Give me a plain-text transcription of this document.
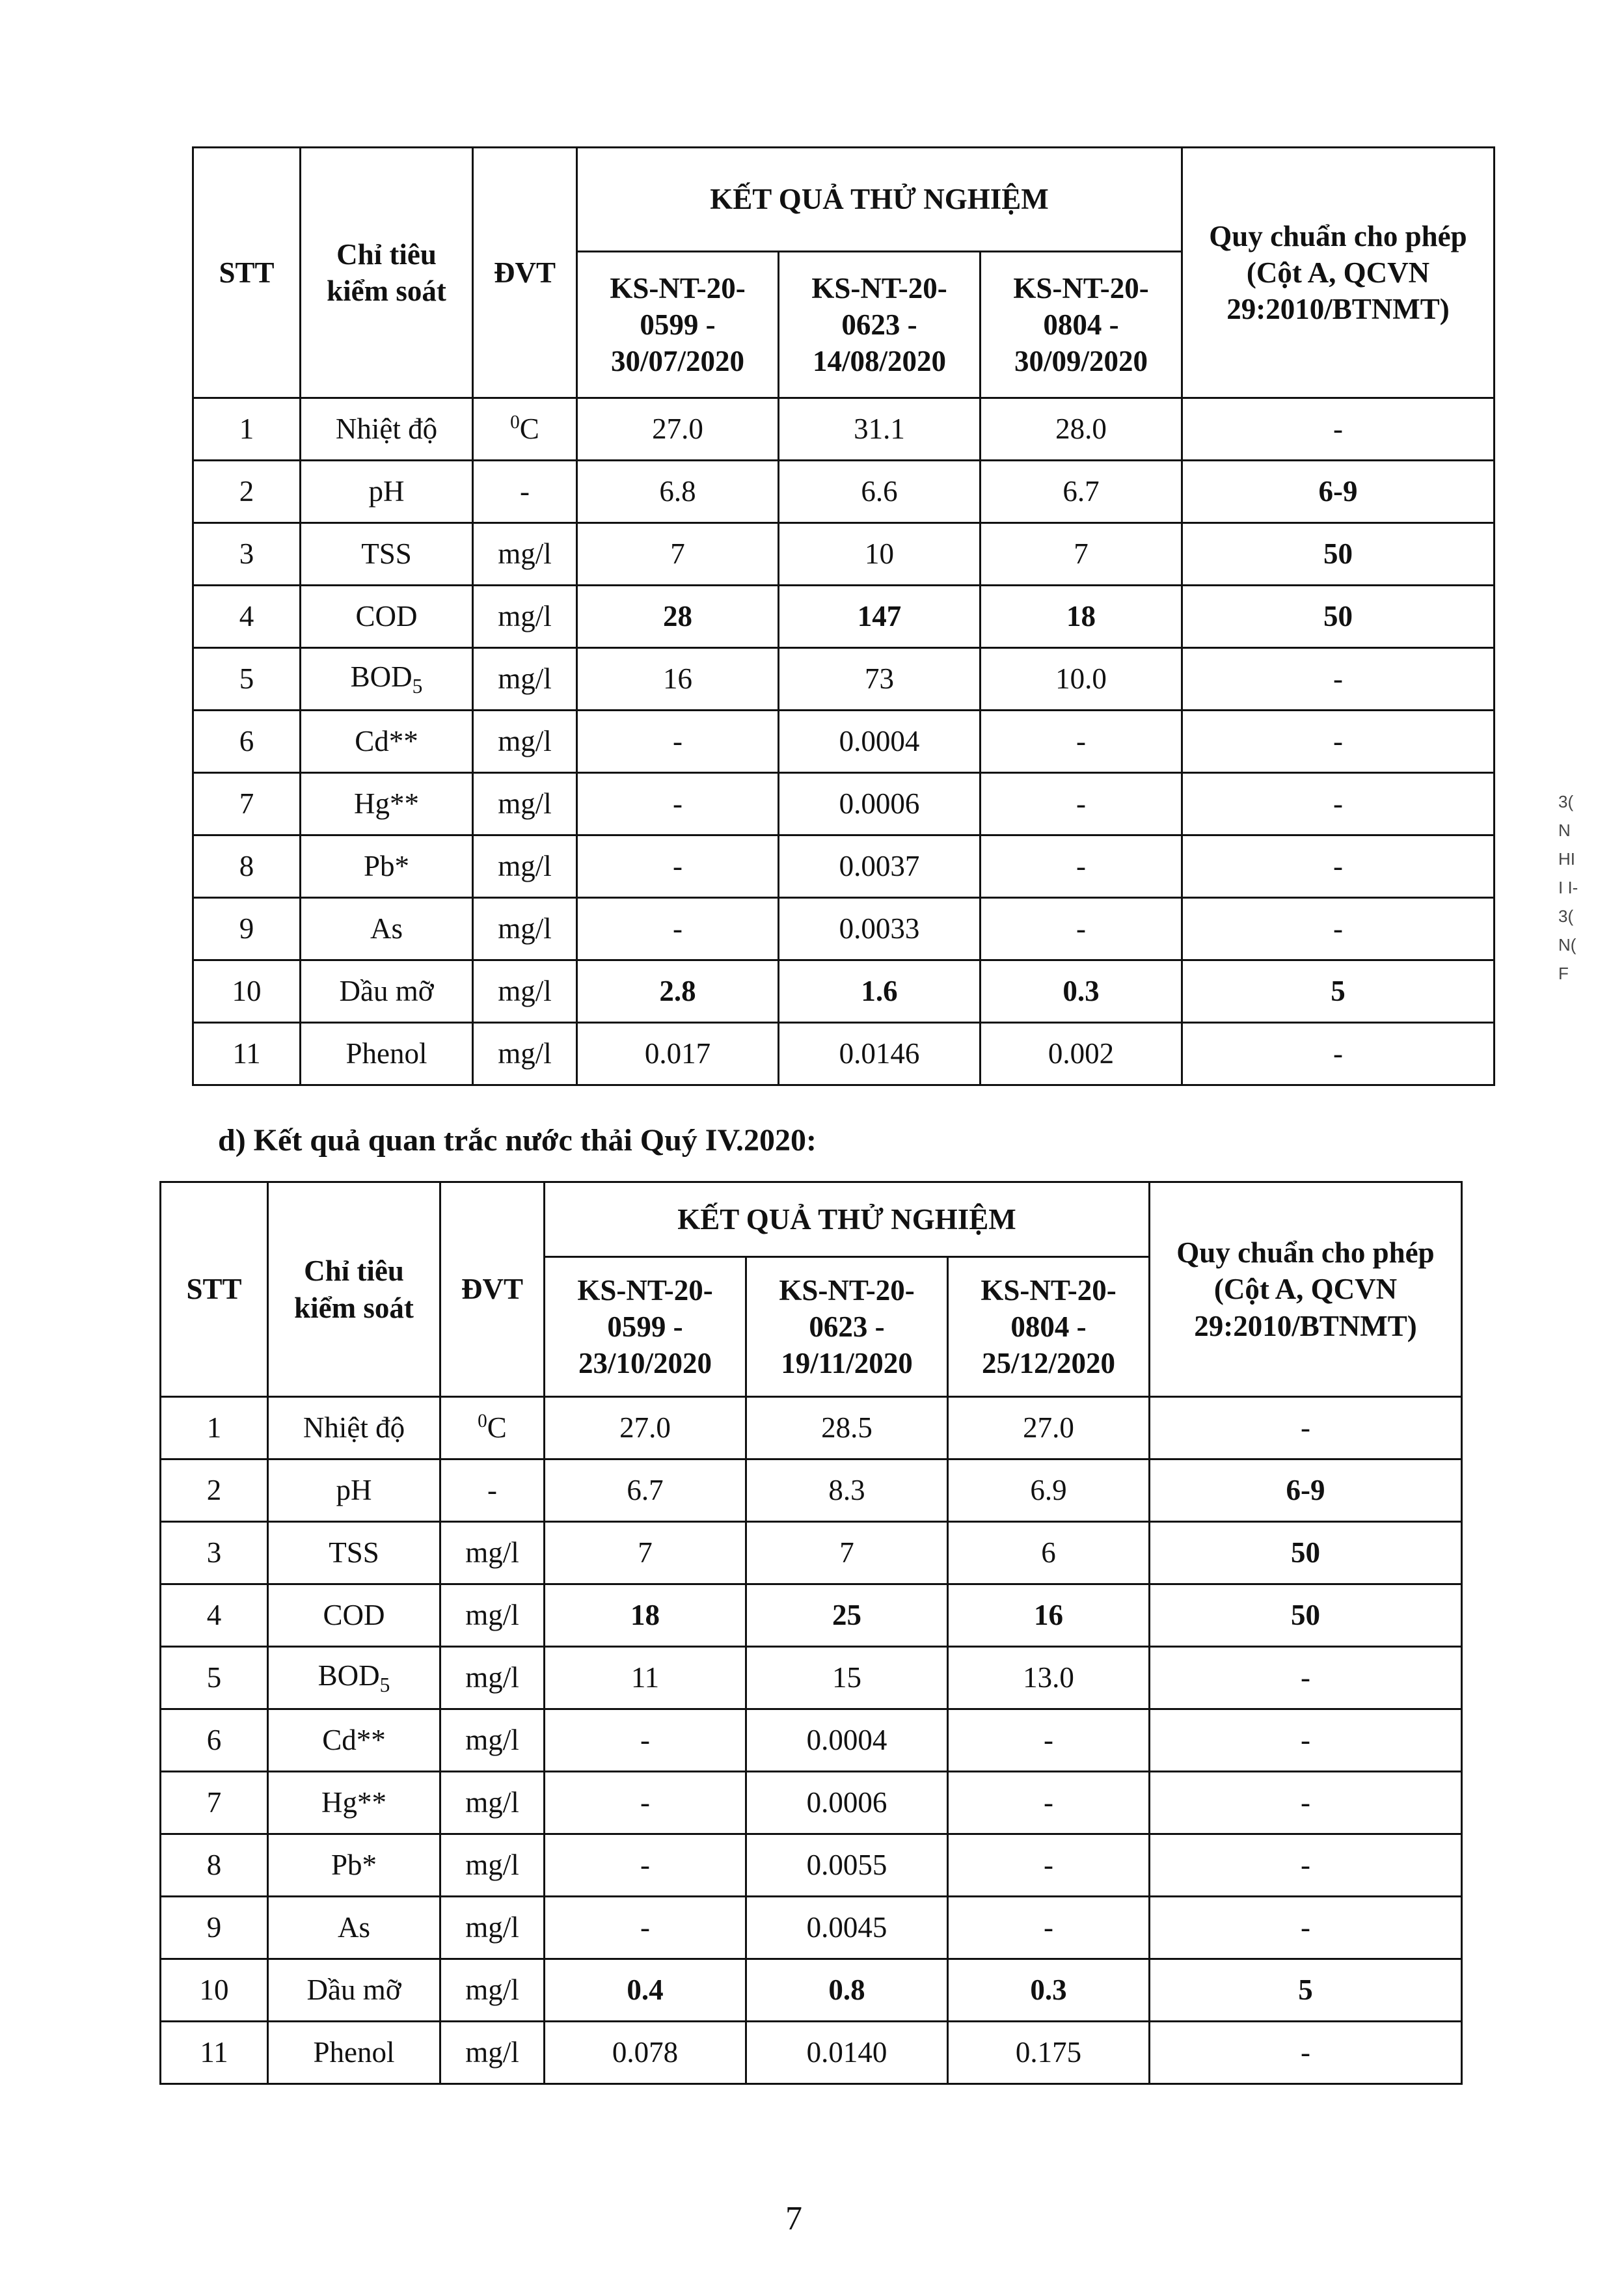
STT	Chỉ tiêu kiểm soát	ĐVT	KẾT QUẢ THỬ NGHIỆM			Quy chuẩn cho phép (Cột A, QCVN 29:2010/BTNMT)
			KS-NT-20-0599 - 30/07/2020	KS-NT-20-0623 - 14/08/2020	KS-NT-20-0804 - 30/09/2020	
1	Nhiệt độ	$^0$C	27.0	31.1	28.0	-
2	pH	-	6.8	6.6	6.7	6-9
3	TSS	mg/l	7	10	7	50
4	COD	mg/l	28	147	18	50
5	$BOD_5$	mg/l	16	73	10.0	-
6	Cd**	mg/l	-	0.0004	-	-
7	Hg**	mg/l	-	0.0006	-	-
8	Pb*	mg/l	-	0.0037	-	-
9	As	mg/l	-	0.0033	-	-
10	Dầu mỡ	mg/l	2.8	1.6	0.3	5
11	Phenol	mg/l	0.017	0.0146	0.002	-
d) Kết quả quan trắc nước thải Quý IV.2020:
STT	Chỉ tiêu kiểm soát	ĐVT	KẾT QUẢ THỬ NGHIỆM			Quy chuẩn cho phép (Cột A, QCVN 29:2010/BTNMT)
			KS-NT-20-0599 - 23/10/2020	KS-NT-20-0623 - 19/11/2020	KS-NT-20-0804 - 25/12/2020	
1	Nhiệt độ	$^0$C	27.0	28.5	27.0	-
2	pH	-	6.7	8.3	6.9	6-9
3	TSS	mg/l	7	7	6	50
4	COD	mg/l	18	25	16	50
5	$BOD_5$	mg/l	11	15	13.0	-
6	Cd**	mg/l	-	0.0004	-	-
7	Hg**	mg/l	-	0.0006	-	-
8	Pb*	mg/l	-	0.0055	-	-
9	As	mg/l	-	0.0045	-	-
10	Dầu mỡ	mg/l	0.4	0.8	0.3	5
11	Phenol	mg/l	0.078	0.0140	0.175	-
7
3(
N
HI
I I-
3(
N(
F
